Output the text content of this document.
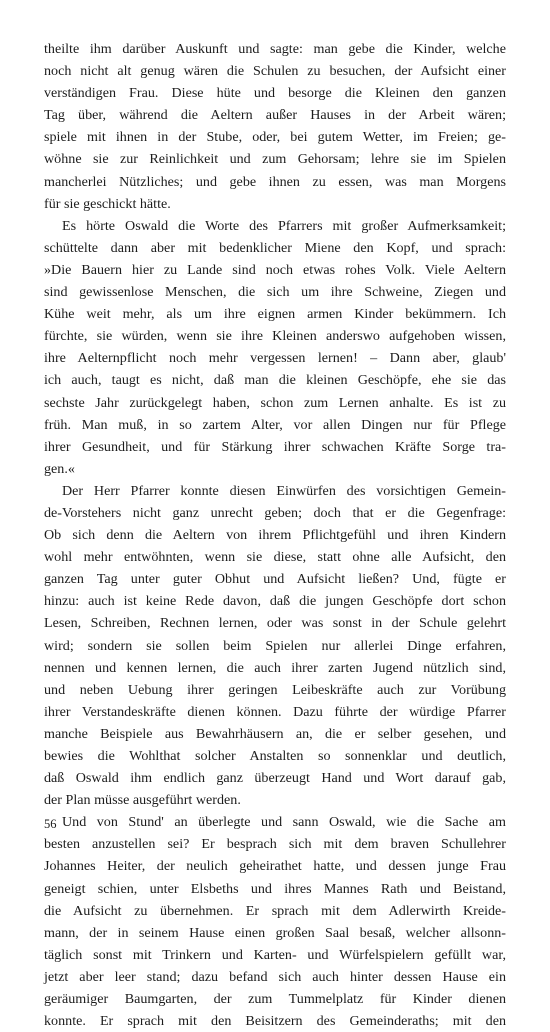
theilte ihm darüber Auskunft und sagte: man gebe die Kinder, welche
noch nicht alt genug wären die Schulen zu besuchen, der Aufsicht einer
verständigen Frau. Diese hüte und besorge die Kleinen den ganzen
Tag über, während die Aeltern außer Hauses in der Arbeit wären;
spiele mit ihnen in der Stube, oder, bei gutem Wetter, im Freien; ge-
wöhne sie zur Reinlichkeit und zum Gehorsam; lehre sie im Spielen
mancherlei Nützliches; und gebe ihnen zu essen, was man Morgens
für sie geschickt hätte.
Es hörte Oswald die Worte des Pfarrers mit großer Aufmerksamkeit;
schüttelte dann aber mit bedenklicher Miene den Kopf, und sprach:
»Die Bauern hier zu Lande sind noch etwas rohes Volk. Viele Aeltern
sind gewissenlose Menschen, die sich um ihre Schweine, Ziegen und
Kühe weit mehr, als um ihre eignen armen Kinder bekümmern. Ich
fürchte, sie würden, wenn sie ihre Kleinen anderswo aufgehoben wissen,
ihre Aelternpflicht noch mehr vergessen lernen! – Dann aber, glaub'
ich auch, taugt es nicht, daß man die kleinen Geschöpfe, ehe sie das
sechste Jahr zurückgelegt haben, schon zum Lernen anhalte. Es ist zu
früh. Man muß, in so zartem Alter, vor allen Dingen nur für Pflege
ihrer Gesundheit, und für Stärkung ihrer schwachen Kräfte Sorge tra-
gen.«
Der Herr Pfarrer konnte diesen Einwürfen des vorsichtigen Gemein-
de-Vorstehers nicht ganz unrecht geben; doch that er die Gegenfrage:
Ob sich denn die Aeltern von ihrem Pflichtgefühl und ihren Kindern
wohl mehr entwöhnten, wenn sie diese, statt ohne alle Aufsicht, den
ganzen Tag unter guter Obhut und Aufsicht ließen? Und, fügte er
hinzu: auch ist keine Rede davon, daß die jungen Geschöpfe dort schon
Lesen, Schreiben, Rechnen lernen, oder was sonst in der Schule gelehrt
wird; sondern sie sollen beim Spielen nur allerlei Dinge erfahren,
nennen und kennen lernen, die auch ihrer zarten Jugend nützlich sind,
und neben Uebung ihrer geringen Leibeskräfte auch zur Vorübung
ihrer Verstandeskräfte dienen können. Dazu führte der würdige Pfarrer
manche Beispiele aus Bewahrhäusern an, die er selber gesehen, und
bewies die Wohlthat solcher Anstalten so sonnenklar und deutlich,
daß Oswald ihm endlich ganz überzeugt Hand und Wort darauf gab,
der Plan müsse ausgeführt werden.
Und von Stund' an überlegte und sann Oswald, wie die Sache am
besten anzustellen sei? Er besprach sich mit dem braven Schullehrer
Johannes Heiter, der neulich geheirathet hatte, und dessen junge Frau
geneigt schien, unter Elsbeths und ihres Mannes Rath und Beistand,
die Aufsicht zu übernehmen. Er sprach mit dem Adlerwirth Kreide-
mann, der in seinem Hause einen großen Saal besaß, welcher allsonn-
täglich sonst mit Trinkern und Karten- und Würfelspielern gefüllt war,
jetzt aber leer stand; dazu befand sich auch hinter dessen Hause ein
geräumiger Baumgarten, der zum Tummelplatz für Kinder dienen
konnte. Er sprach mit den Beisitzern des Gemeinderaths; mit den
56
